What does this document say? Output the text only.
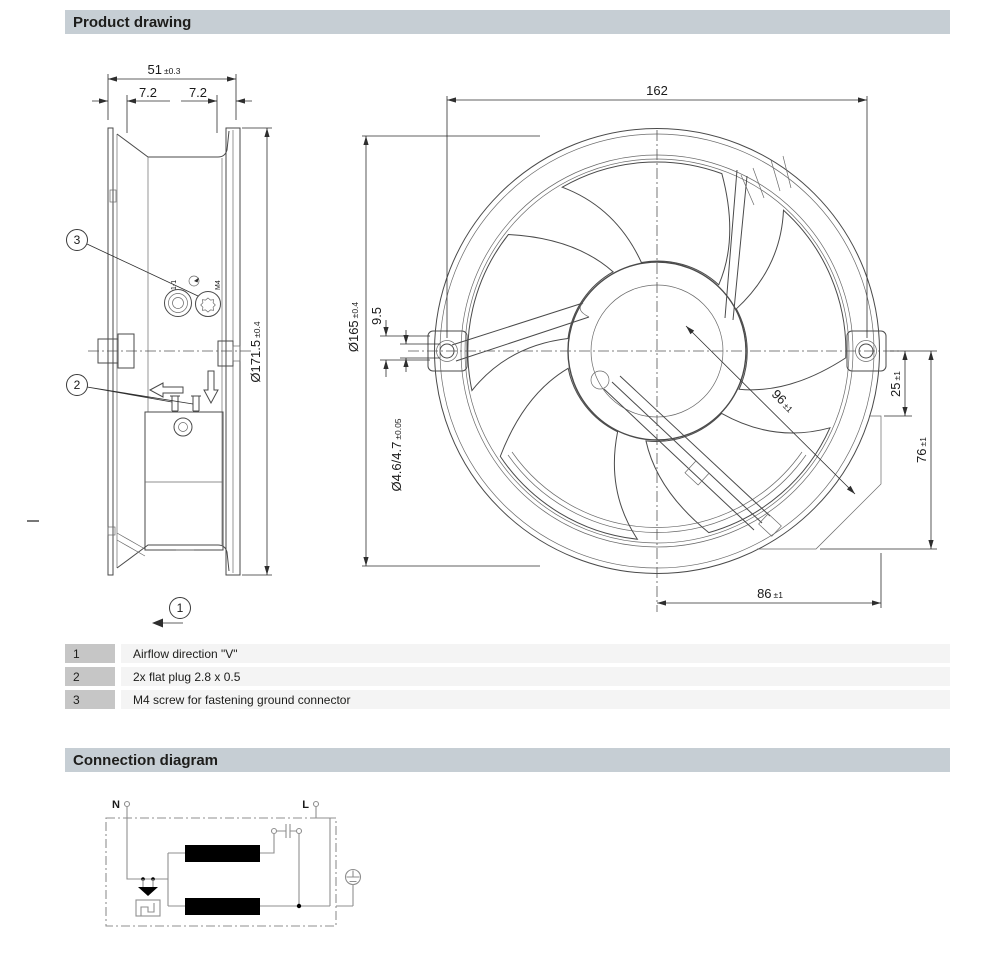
Product drawing
1-1	M4
3
2
1
51 ±0.3
7.2 7.2
Ø171.5±0.4
96±1
162
Ø165±0.4 9.5
Ø4.6/4.7±0.05
25±1
76±1
86 ±1
1	Airflow direction "V"
2	2x flat plug 2.8 x 0.5
3	M4 screw for fastening ground connector
Connection diagram
N	L
